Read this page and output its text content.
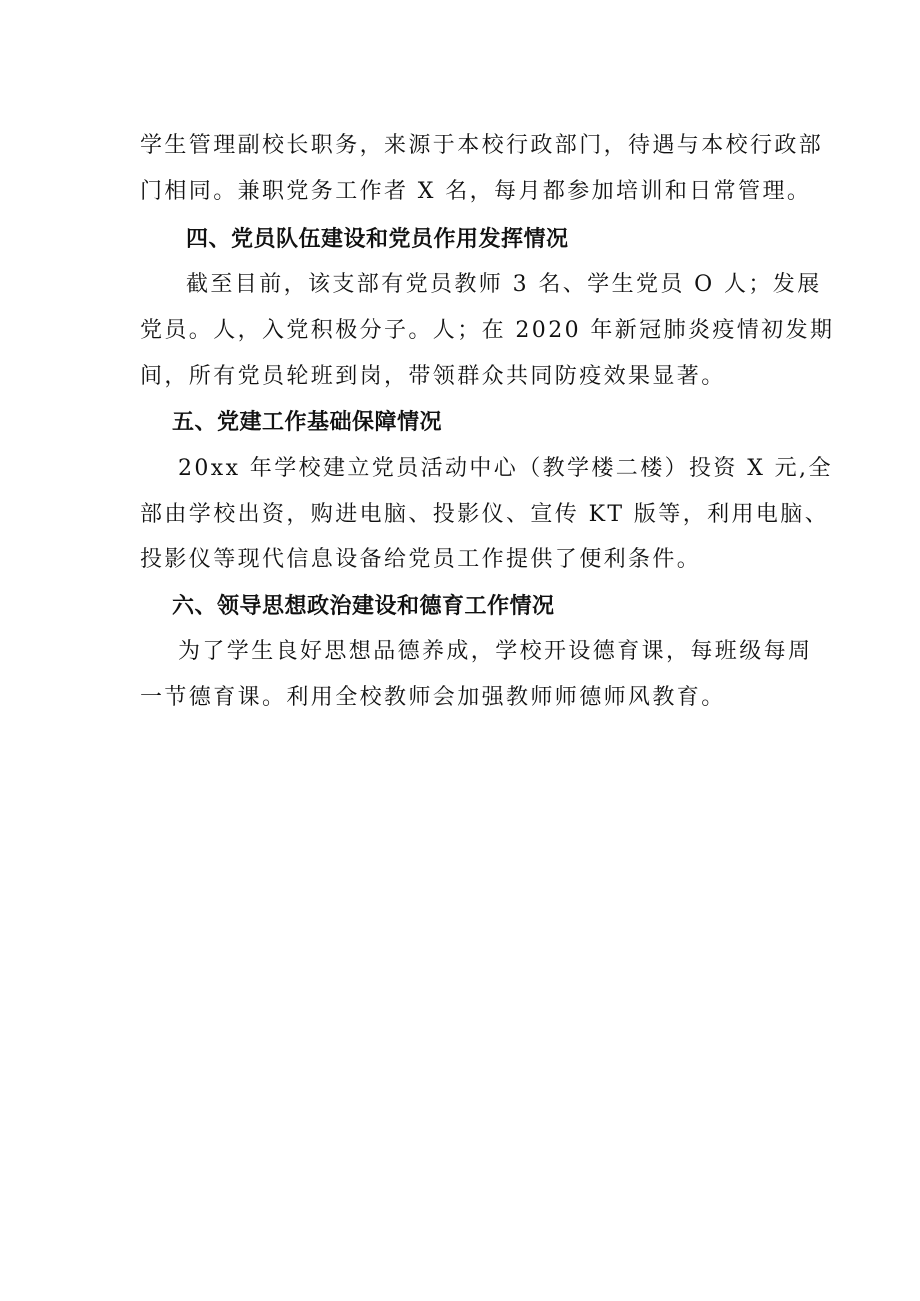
学生管理副校长职务，来源于本校行政部门，待遇与本校行政部
门相同。兼职党务工作者 X 名，每月都参加培训和日常管理。
四、党员队伍建设和党员作用发挥情况
截至目前，该支部有党员教师 3 名、学生党员 O 人；发展
党员。人，入党积极分子。人；在 2020 年新冠肺炎疫情初发期
间，所有党员轮班到岗，带领群众共同防疫效果显著。
五、党建工作基础保障情况
20xx 年学校建立党员活动中心（教学楼二楼）投资 X 元,全
部由学校出资，购进电脑、投影仪、宣传 KT 版等，利用电脑、
投影仪等现代信息设备给党员工作提供了便利条件。
六、领导思想政治建设和德育工作情况
为了学生良好思想品德养成，学校开设德育课，每班级每周
一节德育课。利用全校教师会加强教师师德师风教育。
